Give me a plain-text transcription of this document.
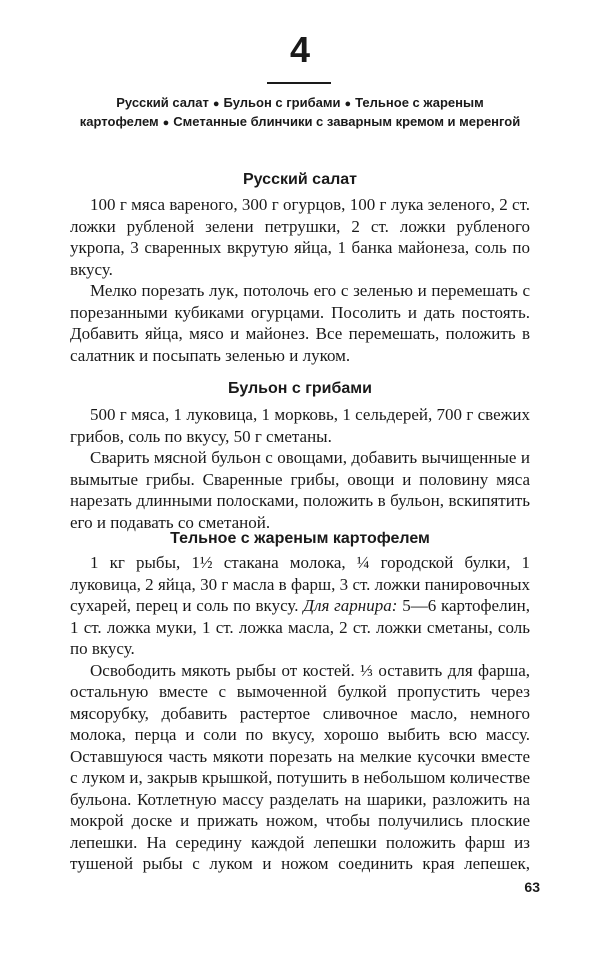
4
Русский салат ● Бульон с грибами ● Тельное с жареным картофелем ● Сметанные блинчики с заварным кремом и меренгой
Русский салат

100 г мяса вареного, 300 г огурцов, 100 г лука зеленого, 2 ст. ложки рубленой зелени петрушки, 2 ст. ложки рубленого укропа, 3 сваренных вкрутую яйца, 1 банка майонеза, соль по вкусу.

Мелко порезать лук, потолочь его с зеленью и перемешать с порезанными кубиками огурцами. Посолить и дать постоять. Добавить яйца, мясо и майонез. Все перемешать, положить в салатник и посыпать зеленью и луком.

Бульон с грибами

500 г мяса, 1 луковица, 1 морковь, 1 сельдерей, 700 г свежих грибов, соль по вкусу, 50 г сметаны.

Сварить мясной бульон с овощами, добавить вычищенные и вымытые грибы. Сваренные грибы, овощи и половину мяса нарезать длинными полосками, положить в бульон, вскипятить его и подавать со сметаной.

Тельное с жареным картофелем

1 кг рыбы, 1½ стакана молока, ¼ городской булки, 1 луковица, 2 яйца, 30 г масла в фарш, 3 ст. ложки панировочных сухарей, перец и соль по вкусу. Для гарнира: 5—6 картофелин, 1 ст. ложка муки, 1 ст. ложка масла, 2 ст. ложки сметаны, соль по вкусу.

Освободить мякоть рыбы от костей. ⅓ оставить для фарша, остальную вместе с вымоченной булкой пропустить через мясорубку, добавить растертое сливочное масло, немного молока, перца и соли по вкусу, хорошо выбить всю массу. Оставшуюся часть мякоти порезать на мелкие кусочки вместе с луком и, закрыв крышкой, потушить в небольшом количестве бульона. Котлетную массу разделать на шарики, разложить на мокрой доске и прижать ножом, чтобы получились плоские лепешки. На середину каждой лепешки положить фарш из тушеной рыбы с луком и ножом соединить края лепешек,

63
